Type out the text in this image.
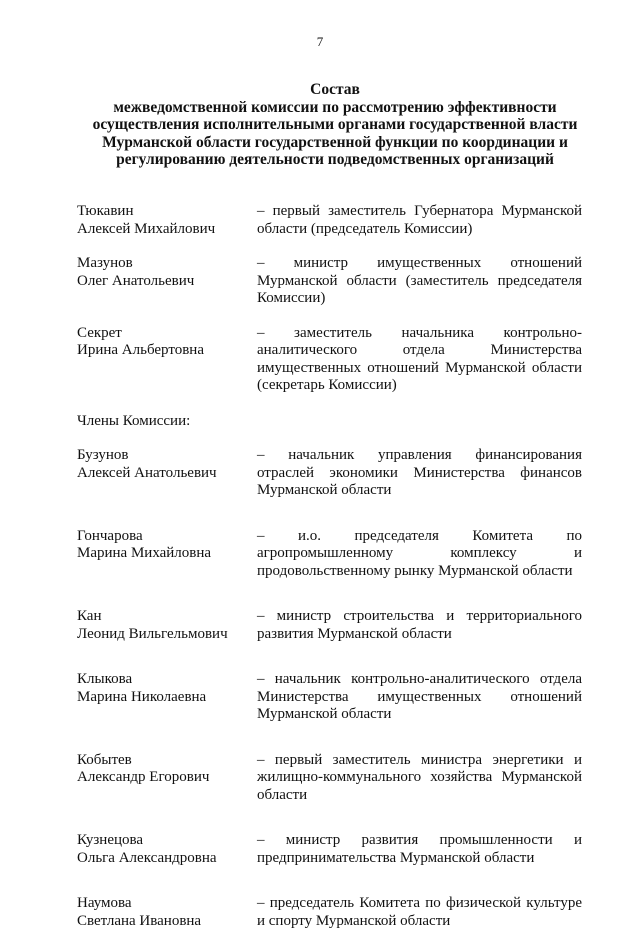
7
Состав
межведомственной комиссии по рассмотрению эффективности
осуществления исполнительными органами государственной власти
Мурманской области государственной функции по координации и
регулированию деятельности подведомственных организаций
Тюкавин
Алексей Михайлович
– первый заместитель Губернатора Мурманской области (председатель Комиссии)
Мазунов
Олег Анатольевич
– министр имущественных отношений Мурманской области (заместитель председателя Комиссии)
Секрет
Ирина Альбертовна
– заместитель начальника контрольно-аналитического отдела Министерства имущественных отношений Мурманской области (секретарь Комиссии)
Члены Комиссии:
Бузунов
Алексей Анатольевич
– начальник управления финансирования отраслей экономики Министерства финансов Мурманской области
Гончарова
Марина Михайловна
– и.о. председателя Комитета по агропромышленному комплексу и продовольственному рынку Мурманской области
Кан
Леонид Вильгельмович
– министр строительства и территориального развития Мурманской области
Клыкова
Марина Николаевна
– начальник контрольно-аналитического отдела Министерства имущественных отношений Мурманской области
Кобытев
Александр Егорович
– первый заместитель министра энергетики и жилищно-коммунального хозяйства Мурманской области
Кузнецова
Ольга Александровна
– министр развития промышленности и предпринимательства Мурманской области
Наумова
Светлана Ивановна
– председатель Комитета по физической культуре и спорту Мурманской области
